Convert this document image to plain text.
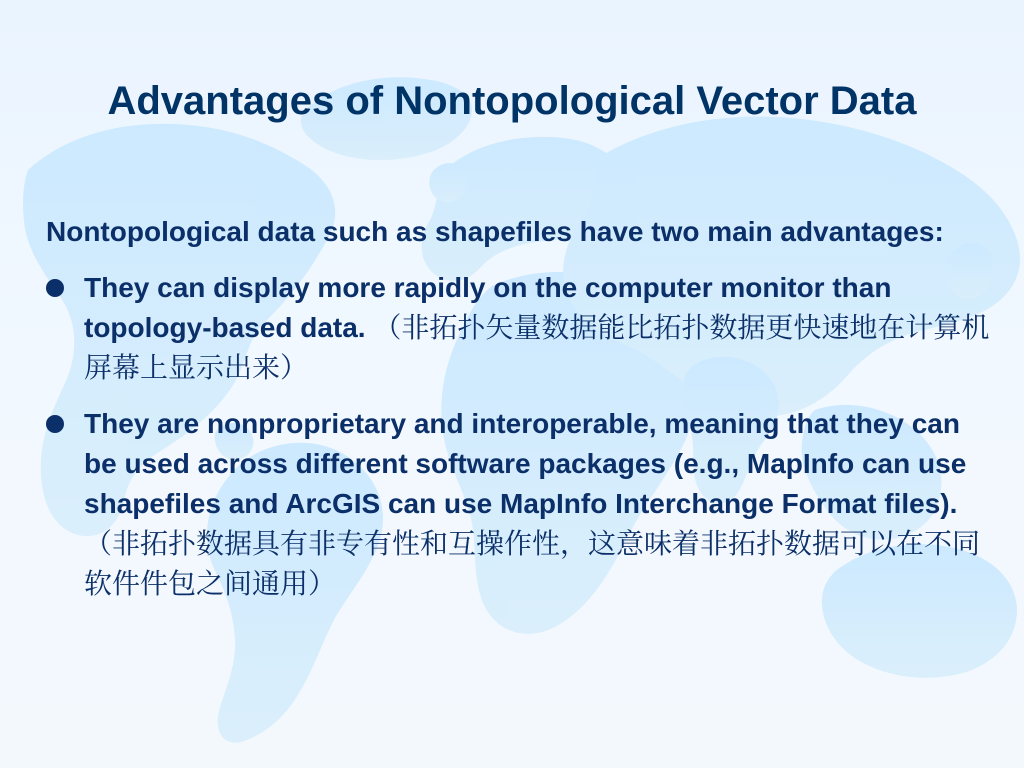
Advantages of Nontopological Vector Data
Nontopological data such as shapefiles have two main advantages:
They can display more rapidly on the computer monitor than topology-based data. （非拓扑矢量数据能比拓扑数据更快速地在计算机屏幕上显示出来）
They are nonproprietary and interoperable, meaning that they can be used across different software packages (e.g., MapInfo can use shapefiles and ArcGIS can use MapInfo Interchange Format files). （非拓扑数据具有非专有性和互操作性，这意味着非拓扑数据可以在不同软件件包之间通用）
